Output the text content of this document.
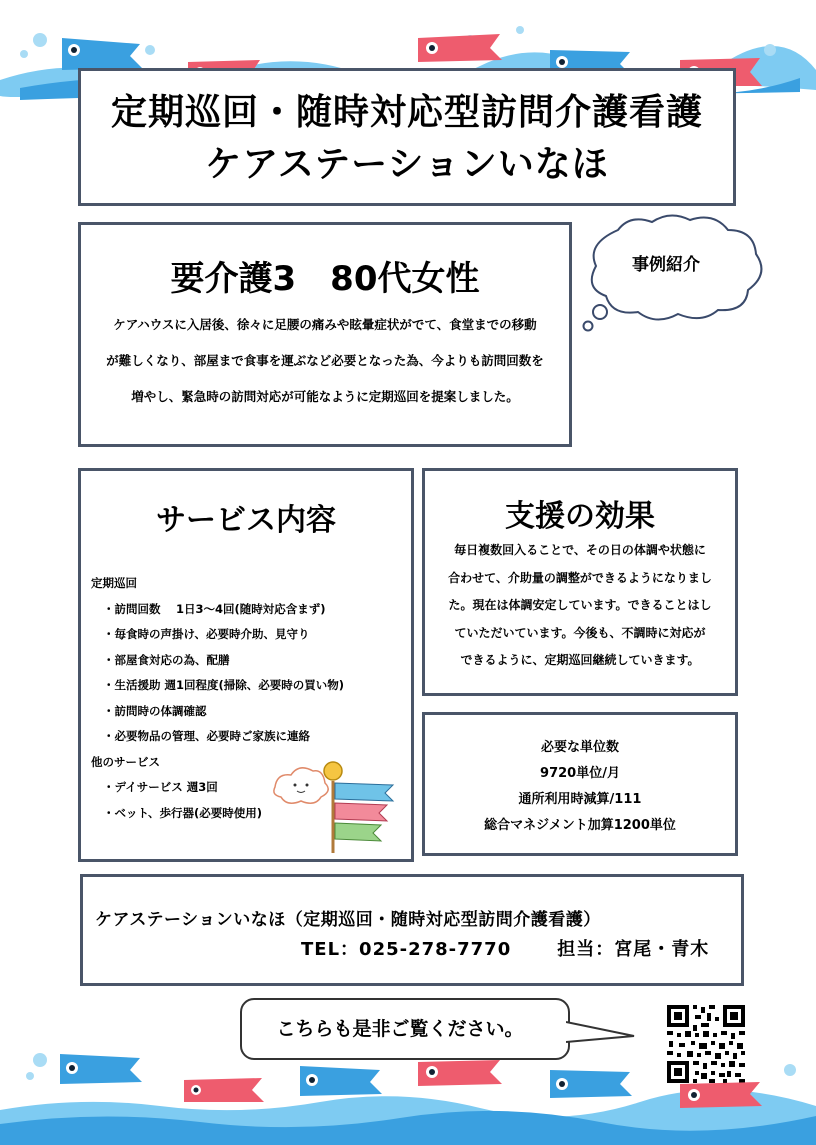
定期巡回・随時対応型訪問介護看護
ケアステーションいなほ
要介護3　80代女性
ケアハウスに入居後、徐々に足腰の痛みや眩暈症状がでて、食堂までの移動
が難しくなり、部屋まで食事を運ぶなど必要となった為、今よりも訪問回数を
増やし、緊急時の訪問対応が可能なように定期巡回を提案しました。
事例紹介
サービス内容
定期巡回
・訪問回数　 1日3～4回(随時対応含まず)
・毎食時の声掛け、必要時介助、見守り
・部屋食対応の為、配膳
・生活援助 週1回程度(掃除、必要時の買い物)
・訪問時の体調確認
・必要物品の管理、必要時ご家族に連絡
他のサービス
・デイサービス 週3回
・ベット、歩行器(必要時使用)
支援の効果
毎日複数回入ることで、その日の体調や状態に
合わせて、介助量の調整ができるようになりまし
た。現在は体調安定しています。できることはし
ていただいています。今後も、不調時に対応が
できるように、定期巡回継続していきます。
必要な単位数
9720単位/月
通所利用時減算/111
総合マネジメント加算1200単位
ケアステーションいなほ（定期巡回・随時対応型訪問介護看護）
TEL：025-278-7770	担当：宮尾・青木
こちらも是非ご覧ください。
